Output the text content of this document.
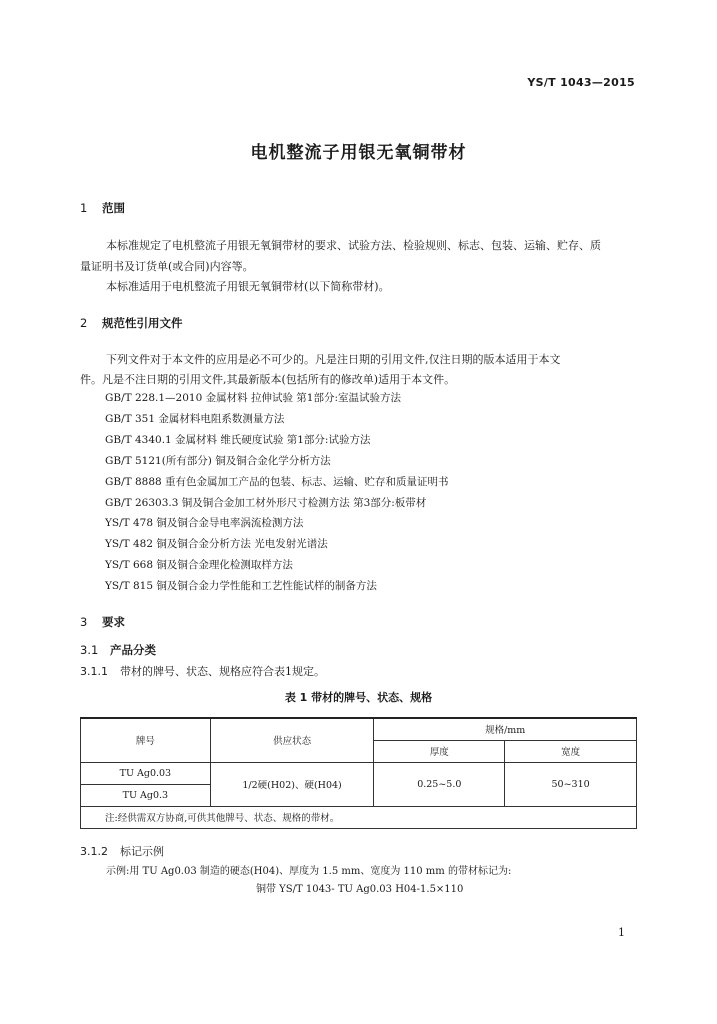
YS/T 1043—2015
电机整流子用银无氧铜带材
1 范围
本标准规定了电机整流子用银无氧铜带材的要求、试验方法、检验规则、标志、包装、运输、贮存、质
量证明书及订货单(或合同)内容等。
本标准适用于电机整流子用银无氧铜带材(以下简称带材)。
2 规范性引用文件
下列文件对于本文件的应用是必不可少的。凡是注日期的引用文件,仅注日期的版本适用于本文
件。凡是不注日期的引用文件,其最新版本(包括所有的修改单)适用于本文件。
GB/T 228.1—2010 金属材料 拉伸试验 第1部分:室温试验方法
GB/T 351 金属材料电阻系数测量方法
GB/T 4340.1 金属材料 维氏硬度试验 第1部分:试验方法
GB/T 5121(所有部分) 铜及铜合金化学分析方法
GB/T 8888 重有色金属加工产品的包装、标志、运输、贮存和质量证明书
GB/T 26303.3 铜及铜合金加工材外形尺寸检测方法 第3部分:板带材
YS/T 478 铜及铜合金导电率涡流检测方法
YS/T 482 铜及铜合金分析方法 光电发射光谱法
YS/T 668 铜及铜合金理化检测取样方法
YS/T 815 铜及铜合金力学性能和工艺性能试样的制备方法
3 要求
3.1 产品分类
3.1.1 带材的牌号、状态、规格应符合表1规定。
表 1 带材的牌号、状态、规格
牌号	供应状态	规格/mm	
		厚度	宽度
TU Ag0.03	1/2硬(H02)、硬(H04)	0.25~5.0	50~310
TU Ag0.3			
注:经供需双方协商,可供其他牌号、状态、规格的带材。			
3.1.2 标记示例
示例:用 TU Ag0.03 制造的硬态(H04)、厚度为 1.5 mm、宽度为 110 mm 的带材标记为:
铜带 YS/T 1043- TU Ag0.03 H04-1.5×110
1
